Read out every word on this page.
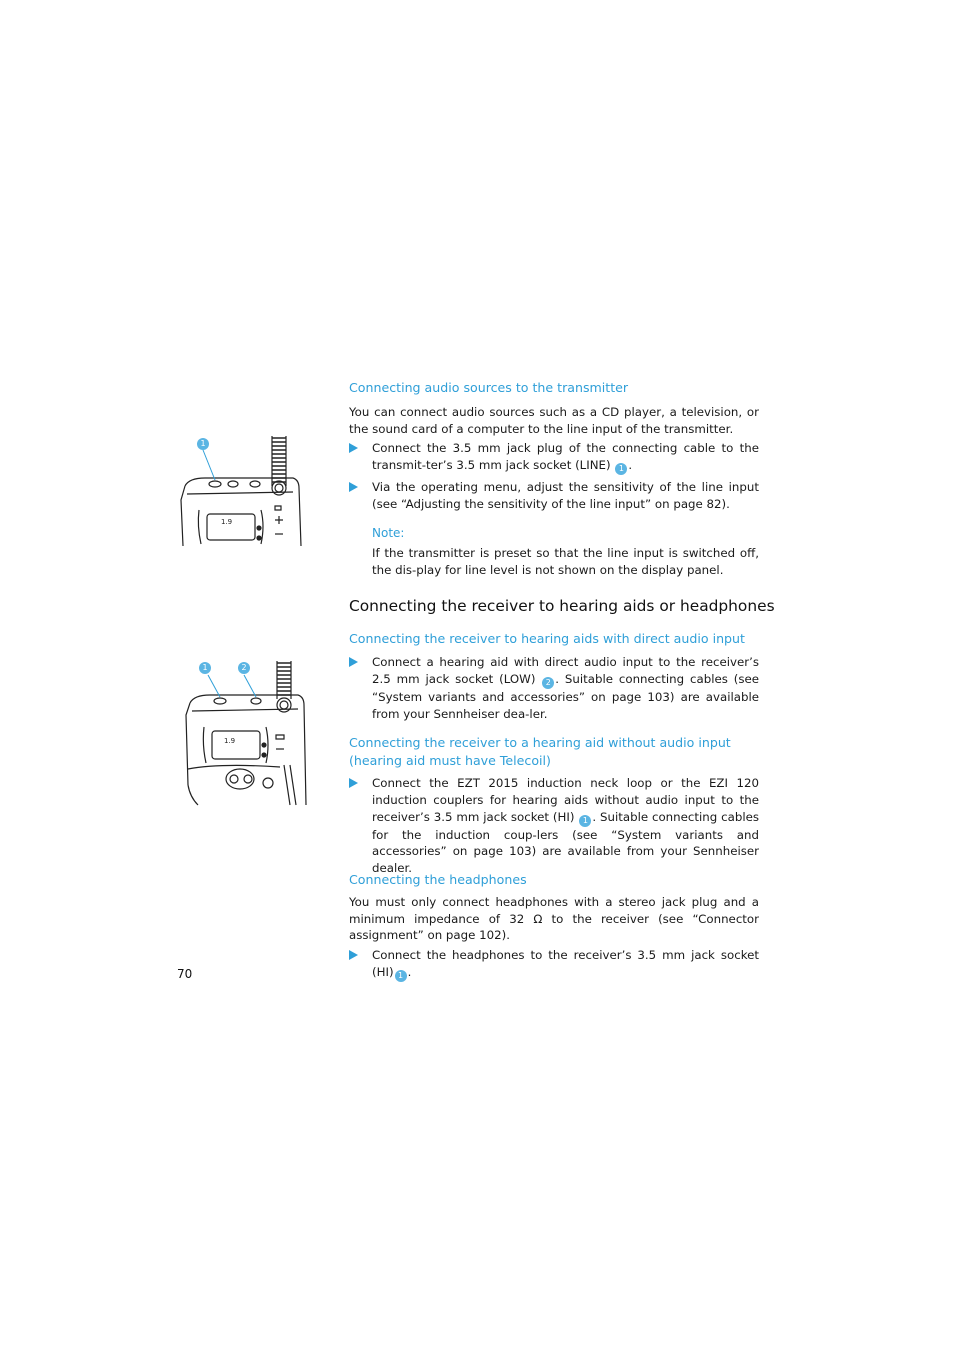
1.9
1
1.9
1	2
Connecting audio sources to the transmitter

You can connect audio sources such as a CD player, a television, or the sound card of a computer to the line input of the transmitter.

Connect the 3.5 mm jack plug of the connecting cable to the transmit-ter’s 3.5 mm jack socket (LINE) 1 .
Via the operating menu, adjust the sensitivity of the line input (see “Adjusting the sensitivity of the line input” on page 82).
Note:

If the transmitter is preset so that the line input is switched off, the dis-play for line level is not shown on the display panel.

Connecting the receiver to hearing aids or headphones
Connecting the receiver to hearing aids with direct audio input
Connect a hearing aid with direct audio input to the receiver’s 2.5 mm jack socket (LOW) 2 . Suitable connecting cables (see “System variants and accessories” on page 103) are available from your Sennheiser dea-ler.
Connecting the receiver to a hearing aid without audio input (hearing aid must have Telecoil)
Connect the EZT 2015 induction neck loop or the EZI 120 induction couplers for hearing aids without audio input to the receiver’s 3.5 mm jack socket (HI) 1 . Suitable connecting cables for the induction coup-lers (see “System variants and accessories” on page 103) are available from your Sennheiser dealer.
Connecting the headphones

You must only connect headphones with a stereo jack plug and a minimum impedance of 32 Ω to the receiver (see “Connector assignment” on page 102).

Connect the headphones to the receiver’s 3.5 mm jack socket (HI) 1 .
70
